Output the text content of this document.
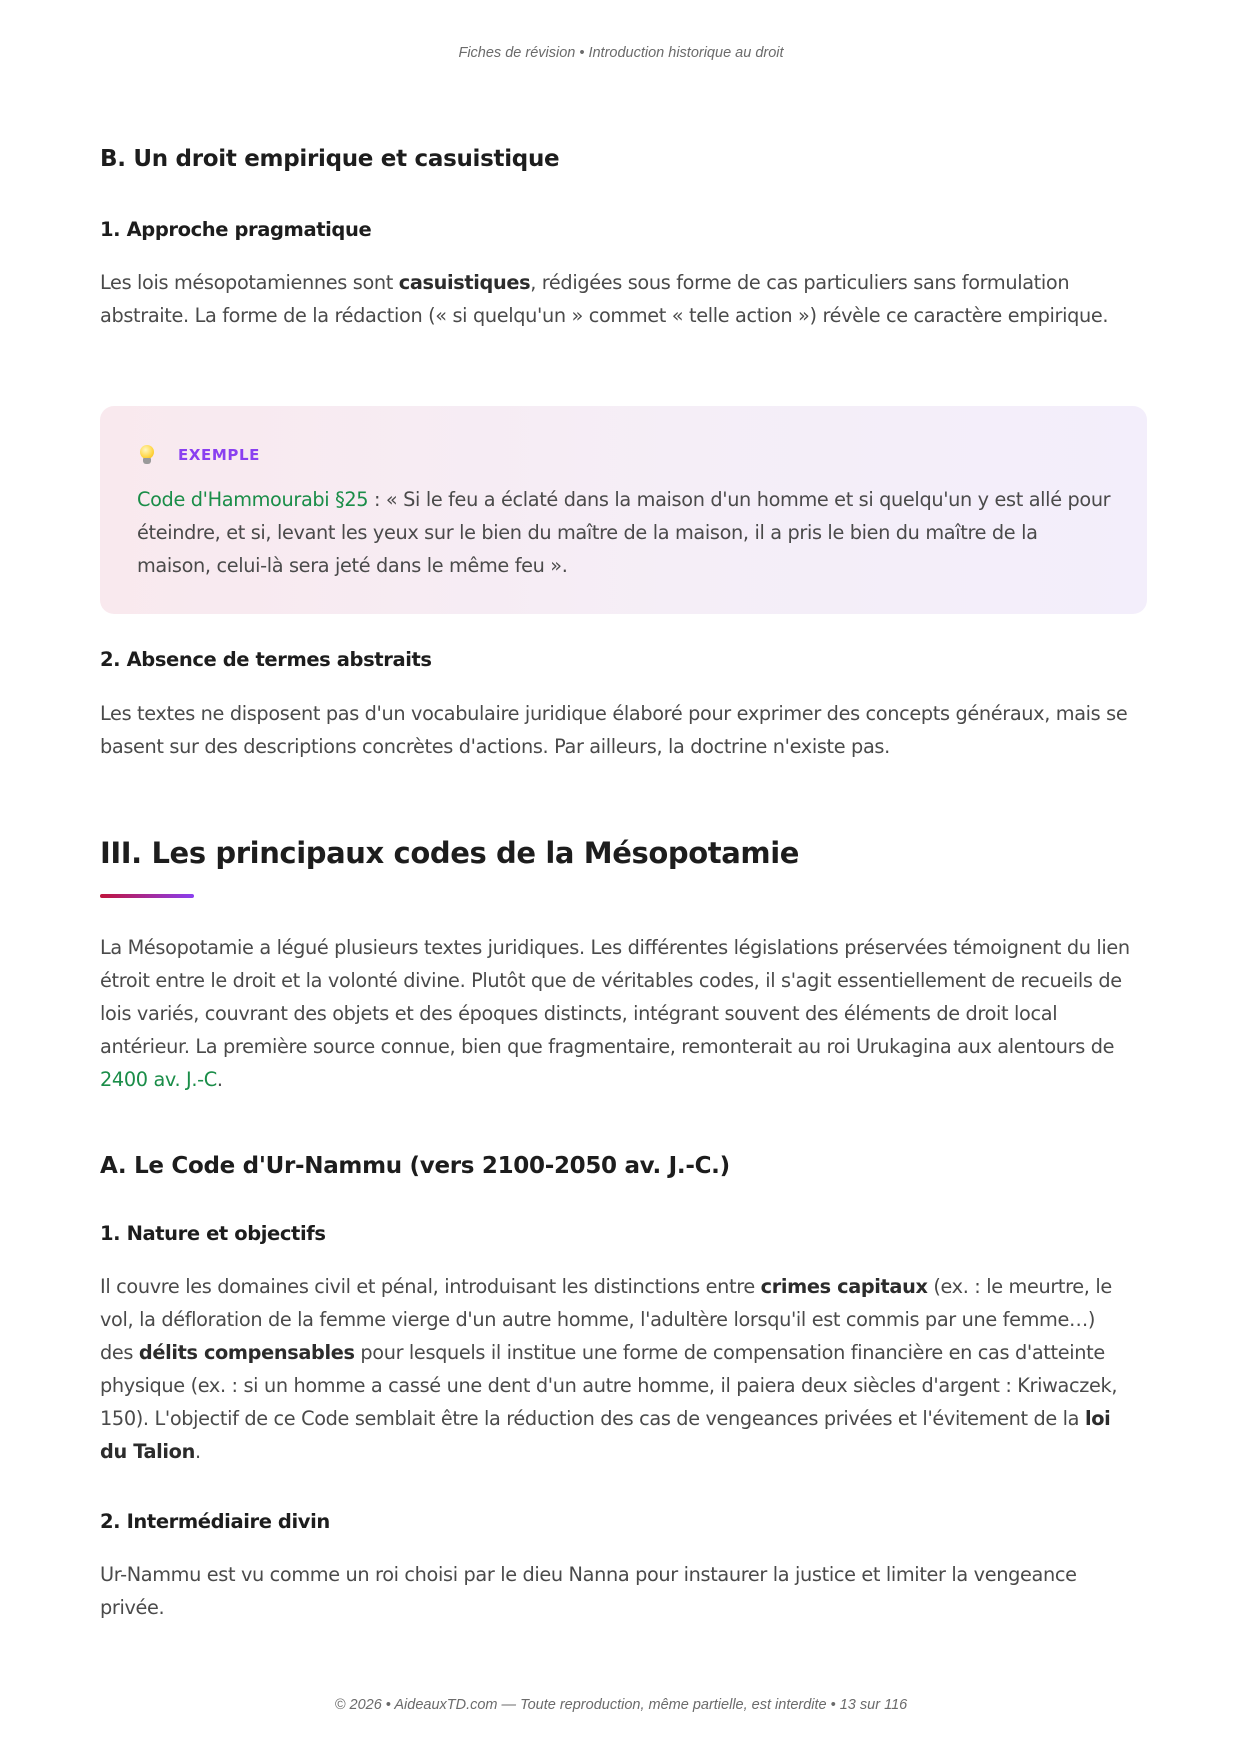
Fiches de révision • Introduction historique au droit
B. Un droit empirique et casuistique
1. Approche pragmatique

Les lois mésopotamiennes sont casuistiques, rédigées sous forme de cas particuliers sans formulation abstraite. La forme de la rédaction (« si quelqu'un » commet « telle action ») révèle ce caractère empirique.

EXEMPLE

Code d'Hammourabi §25 : « Si le feu a éclaté dans la maison d'un homme et si quelqu'un y est allé pour éteindre, et si, levant les yeux sur le bien du maître de la maison, il a pris le bien du maître de la maison, celui-là sera jeté dans le même feu ».

2. Absence de termes abstraits

Les textes ne disposent pas d'un vocabulaire juridique élaboré pour exprimer des concepts généraux, mais se basent sur des descriptions concrètes d'actions. Par ailleurs, la doctrine n'existe pas.

III. Les principaux codes de la Mésopotamie

La Mésopotamie a légué plusieurs textes juridiques. Les différentes législations préservées témoignent du lien étroit entre le droit et la volonté divine. Plutôt que de véritables codes, il s'agit essentiellement de recueils de lois variés, couvrant des objets et des époques distincts, intégrant souvent des éléments de droit local antérieur. La première source connue, bien que fragmentaire, remonterait au roi Urukagina aux alentours de 2400 av. J.-C.

A. Le Code d'Ur-Nammu (vers 2100-2050 av. J.-C.)
1. Nature et objectifs

Il couvre les domaines civil et pénal, introduisant les distinctions entre crimes capitaux (ex. : le meurtre, le vol, la défloration de la femme vierge d'un autre homme, l'adultère lorsqu'il est commis par une femme…) des délits compensables pour lesquels il institue une forme de compensation financière en cas d'atteinte physique (ex. : si un homme a cassé une dent d'un autre homme, il paiera deux siècles d'argent : Kriwaczek, 150). L'objectif de ce Code semblait être la réduction des cas de vengeances privées et l'évitement de la loi du Talion.

2. Intermédiaire divin

Ur-Nammu est vu comme un roi choisi par le dieu Nanna pour instaurer la justice et limiter la vengeance privée.

© 2026 • AideauxTD.com — Toute reproduction, même partielle, est interdite • 13 sur 116
